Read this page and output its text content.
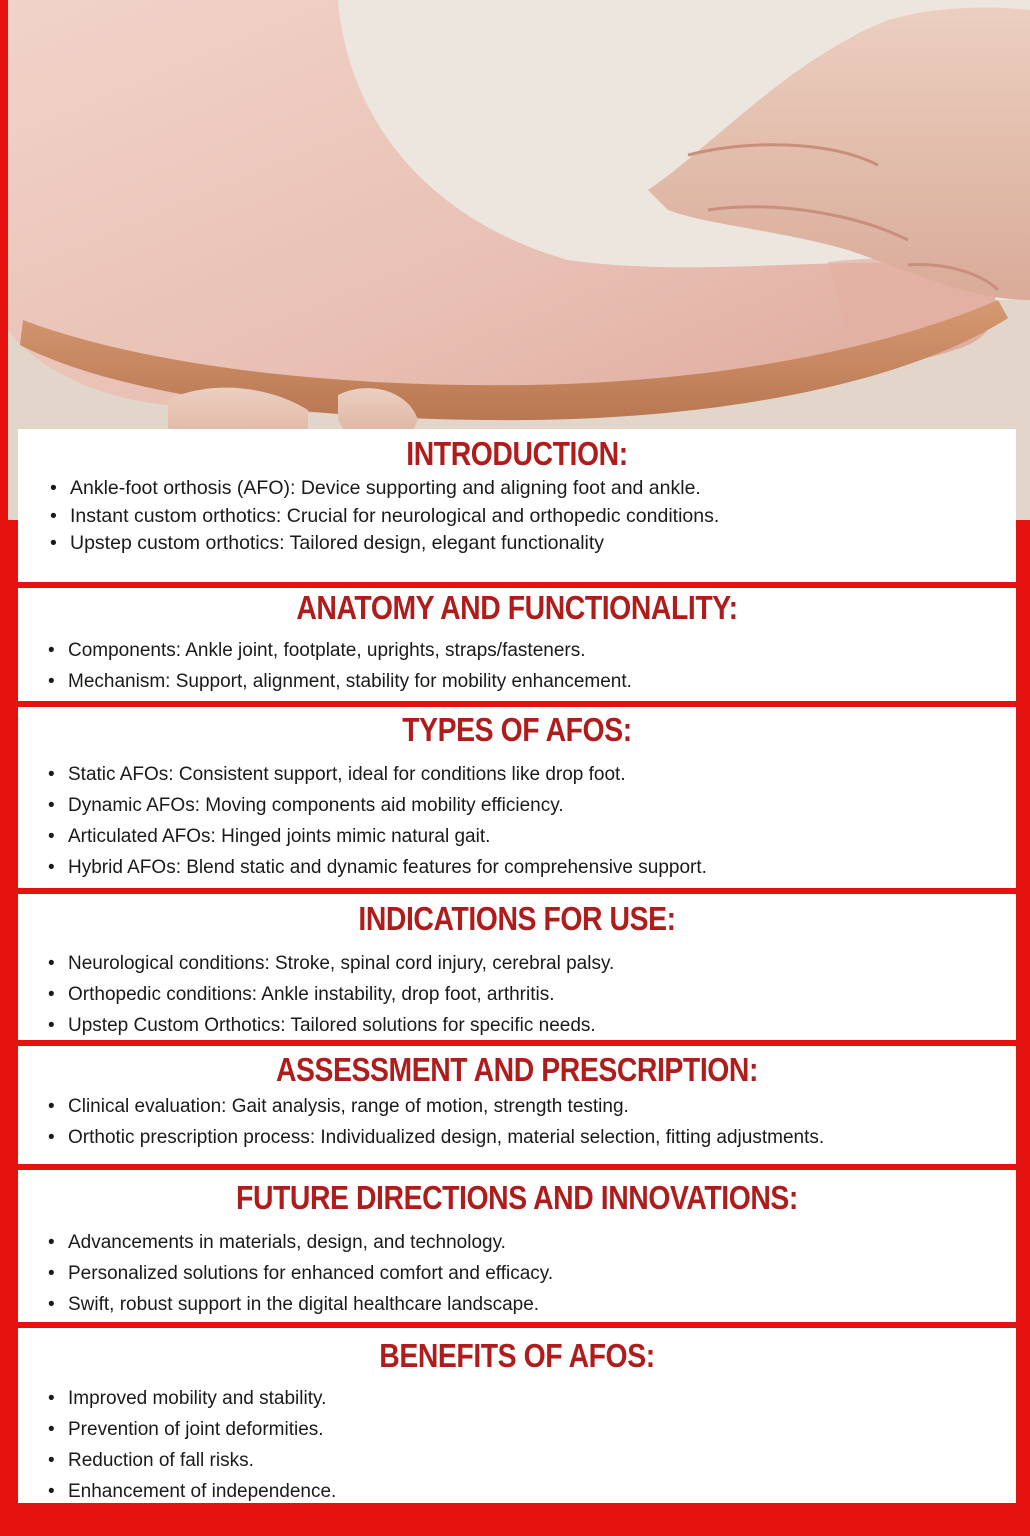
INTRODUCTION:
• Ankle-foot orthosis (AFO): Device supporting and aligning foot and ankle.
• Instant custom orthotics: Crucial for neurological and orthopedic conditions.
• Upstep custom orthotics: Tailored design, elegant functionality
ANATOMY AND FUNCTIONALITY:
• Components: Ankle joint, footplate, uprights, straps/fasteners.
• Mechanism: Support, alignment, stability for mobility enhancement.
TYPES OF AFOS:
• Static AFOs: Consistent support, ideal for conditions like drop foot.
• Dynamic AFOs: Moving components aid mobility efficiency.
• Articulated AFOs: Hinged joints mimic natural gait.
• Hybrid AFOs: Blend static and dynamic features for comprehensive support.
INDICATIONS FOR USE:
• Neurological conditions: Stroke, spinal cord injury, cerebral palsy.
• Orthopedic conditions: Ankle instability, drop foot, arthritis.
• Upstep Custom Orthotics: Tailored solutions for specific needs.
ASSESSMENT AND PRESCRIPTION:
• Clinical evaluation: Gait analysis, range of motion, strength testing.
• Orthotic prescription process: Individualized design, material selection, fitting adjustments.
FUTURE DIRECTIONS AND INNOVATIONS:
• Advancements in materials, design, and technology.
• Personalized solutions for enhanced comfort and efficacy.
• Swift, robust support in the digital healthcare landscape.
BENEFITS OF AFOS:
• Improved mobility and stability.
• Prevention of joint deformities.
• Reduction of fall risks.
• Enhancement of independence.
